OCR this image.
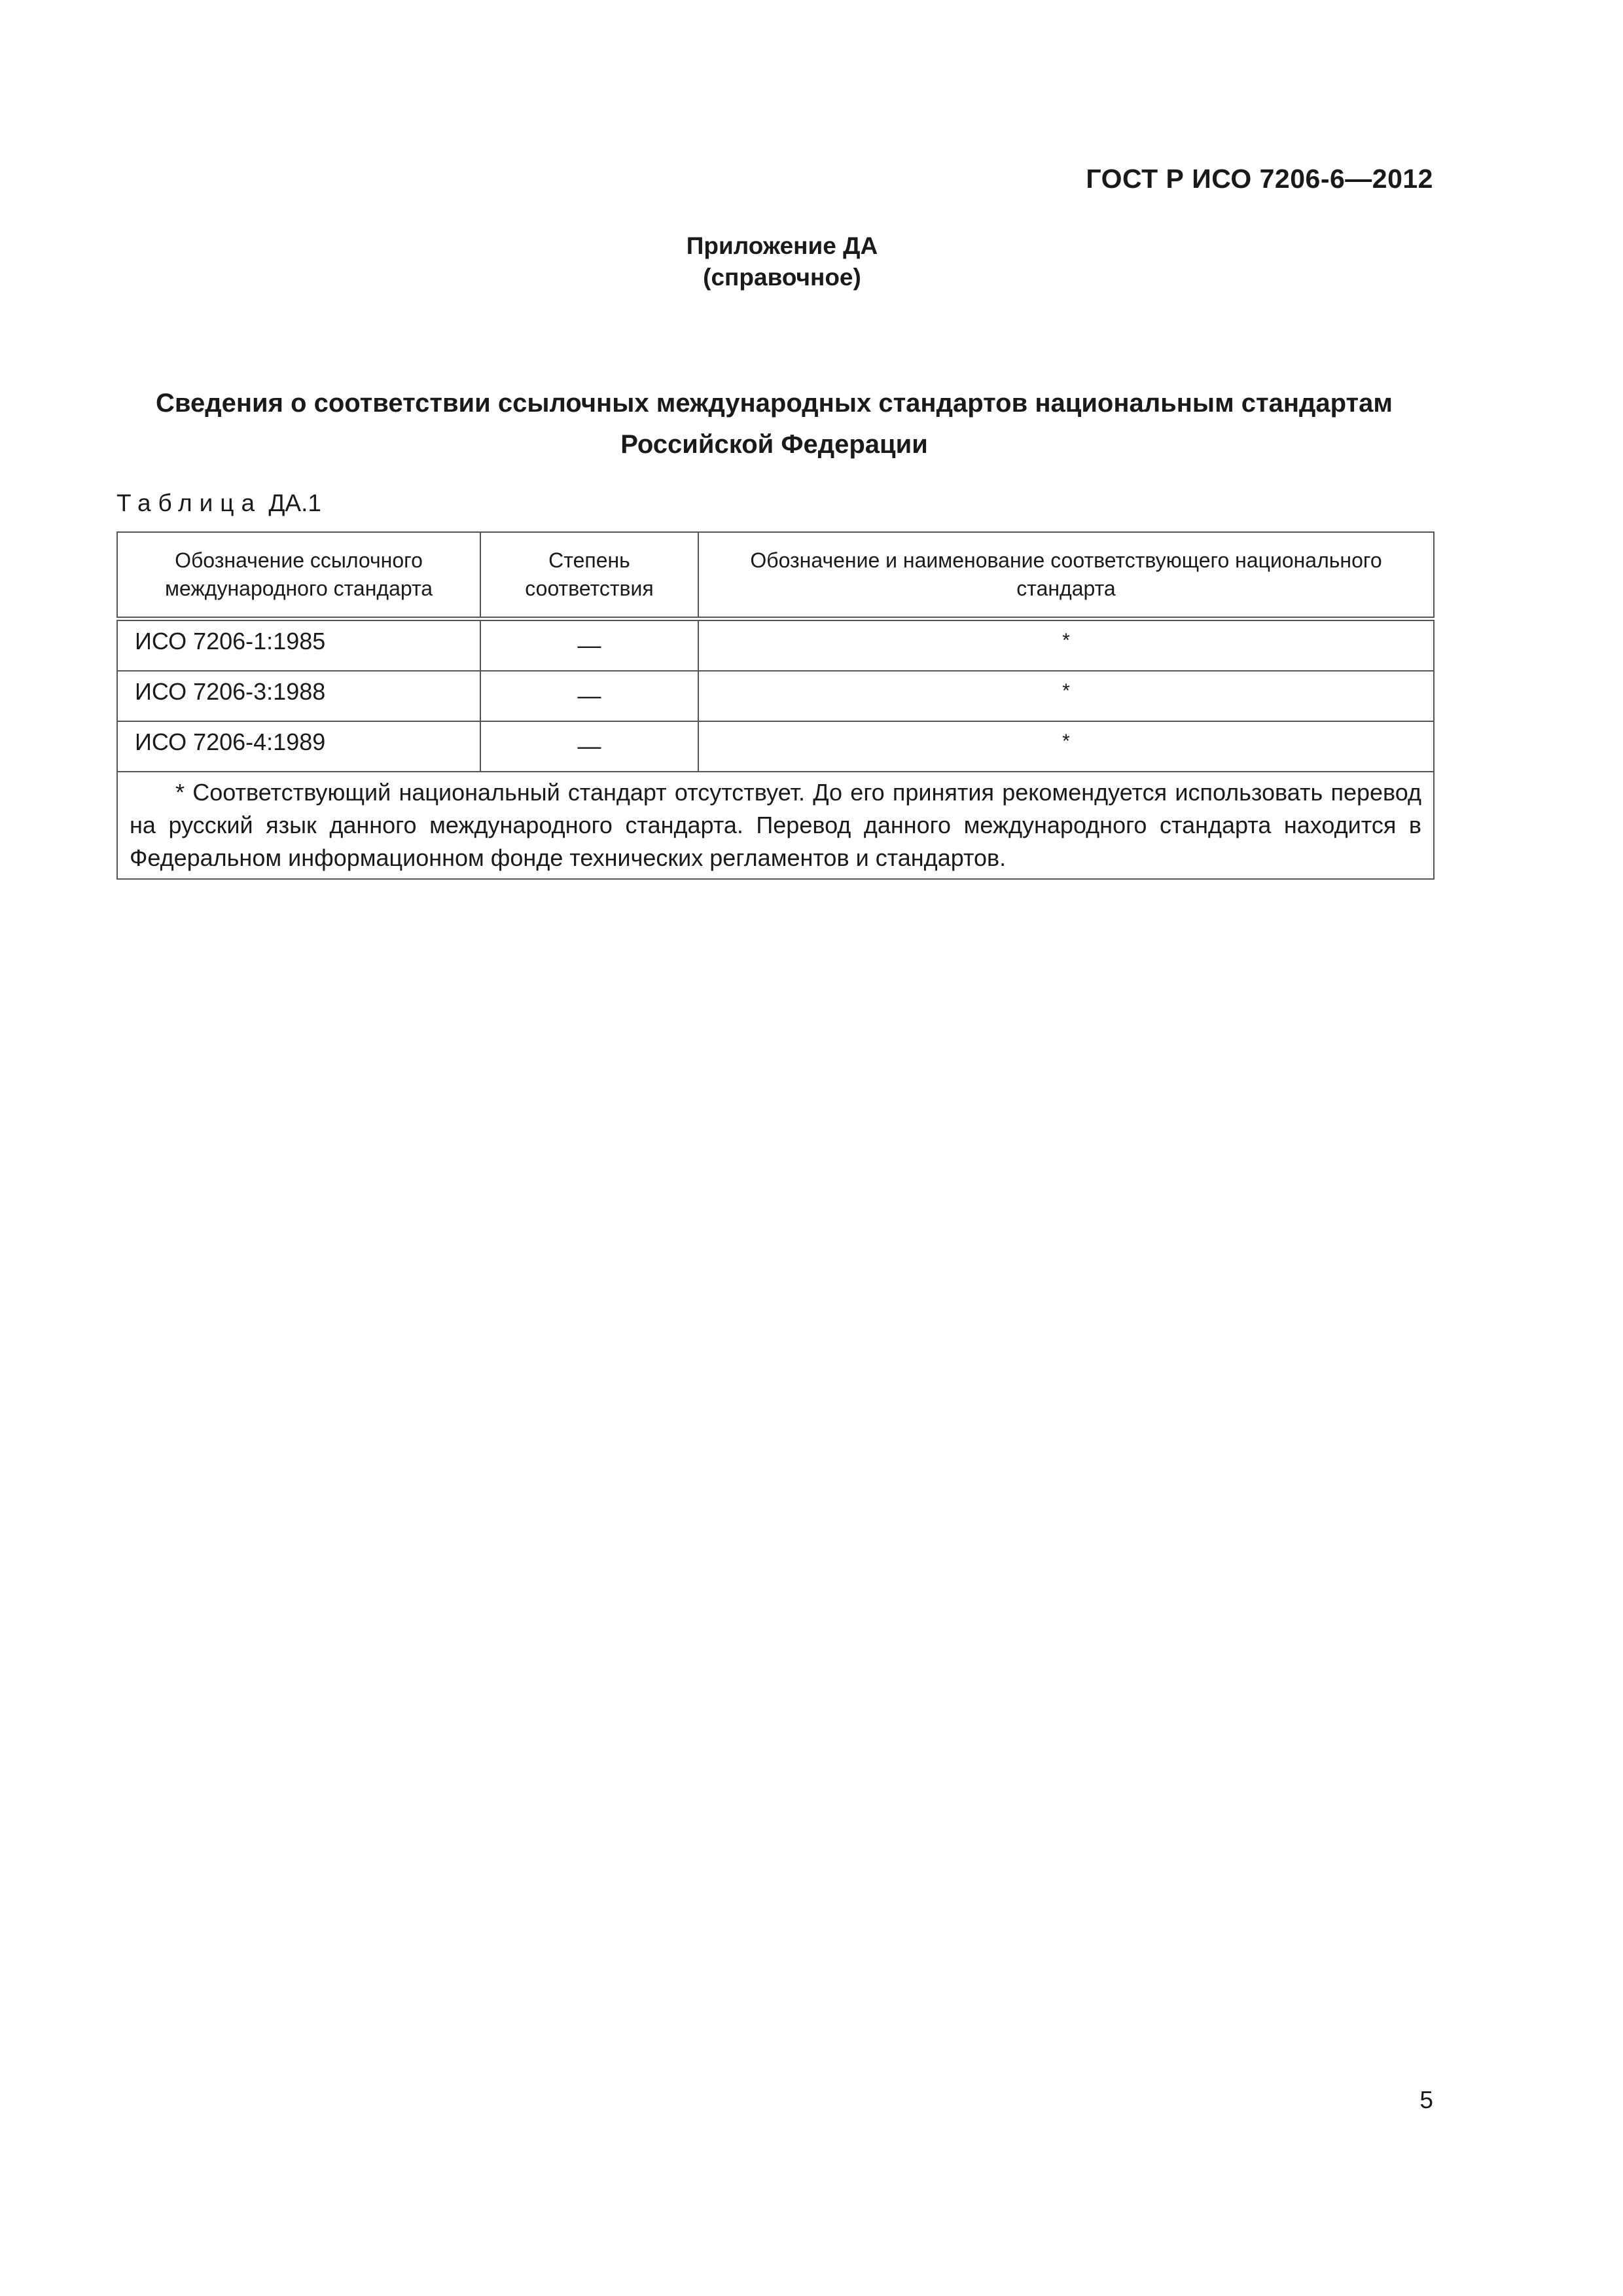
ГОСТ Р ИСО 7206-6—2012
Приложение ДА
(справочное)
Сведения о соответствии ссылочных международных стандартов национальным стандартам
Российской Федерации
Таблица ДА.1
Обозначение ссылочного международного стандарта	Степень соответствия	Обозначение и наименование соответствующего национального стандарта
ИСО 7206-1:1985	—	*
ИСО 7206-3:1988	—	*
ИСО 7206-4:1989	—	*

* Соответствующий национальный стандарт отсутствует. До его принятия рекомендуется использовать перевод на русский язык данного международного стандарта. Перевод данного международного стандарта находится в Федеральном информационном фонде технических регламентов и стандартов.		
5
